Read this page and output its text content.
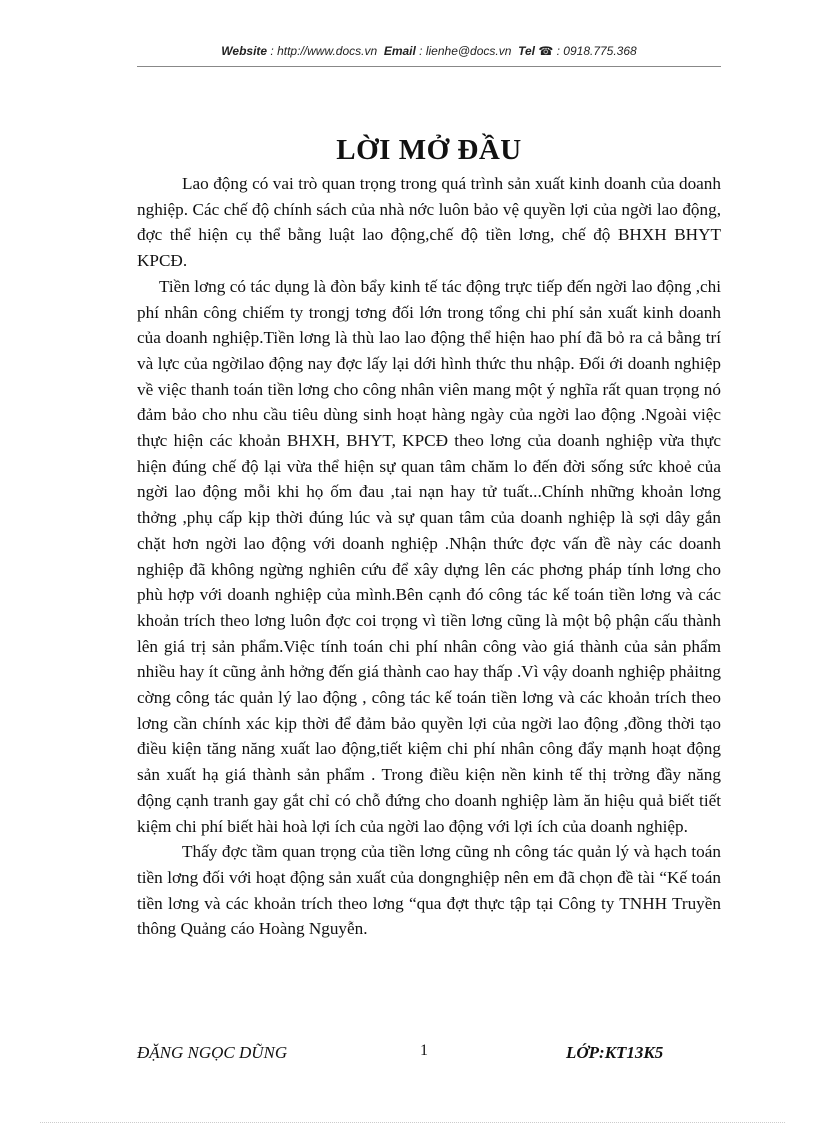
Website : http://www.docs.vn Email : lienhe@docs.vn Tel ☎ : 0918.775.368
LỜI MỞ ĐẦU

Lao động có vai trò quan trọng trong quá trình sản xuất kinh doanh của doanh nghiệp. Các chế độ chính sách của nhà nớc luôn bảo vệ quyền lợi của ngời lao động, đợc thể hiện cụ thể bằng luật lao động,chế độ tiền lơng, chế độ BHXH BHYT KPCĐ.

Tiền lơng có tác dụng là đòn bẩy kinh tế tác động trực tiếp đến ngời lao động ,chi phí nhân công chiếm ty trongj tơng đối lớn trong tổng chi phí sản xuất kinh doanh của doanh nghiệp.Tiền lơng là thù lao lao động thể hiện hao phí đã bỏ ra cả bằng trí và lực của ngờilao động nay đợc lấy lại dới hình thức thu nhập. Đối ới doanh nghiệp về việc thanh toán tiền lơng cho công nhân viên mang một ý nghĩa rất quan trọng nó đảm bảo cho nhu cầu tiêu dùng sinh hoạt hàng ngày của ngời lao động .Ngoài việc thực hiện các khoản BHXH, BHYT, KPCĐ theo lơng của doanh nghiệp vừa thực hiện đúng chế độ lại vừa thể hiện sự quan tâm chăm lo đến đời sống sức khoẻ của ngời lao động mỗi khi họ ốm đau ,tai nạn hay tử tuất...Chính những khoản lơng thởng ,phụ cấp kịp thời đúng lúc và sự quan tâm của doanh nghiệp là sợi dây gắn chặt hơn ngời lao động với doanh nghiệp .Nhận thức đợc vấn đề này các doanh nghiệp đã không ngừng nghiên cứu để xây dựng lên các phơng pháp tính lơng cho phù hợp với doanh nghiệp của mình.Bên cạnh đó công tác kế toán tiền lơng và các khoản trích theo lơng luôn đợc coi trọng vì tiền lơng cũng là một bộ phận cấu thành lên giá trị sản phẩm.Việc tính toán chi phí nhân công vào giá thành của sản phẩm nhiều hay ít cũng ảnh hởng đến giá thành cao hay thấp .Vì vậy doanh nghiệp phảitng cờng công tác quản lý lao động , công tác kế toán tiền lơng và các khoản trích theo lơng cần chính xác kịp thời để đảm bảo quyền lợi của ngời lao động ,đồng thời tạo điều kiện tăng năng xuất lao động,tiết kiệm chi phí nhân công đẩy mạnh hoạt động sản xuất hạ giá thành sản phẩm . Trong điều kiện nền kinh tế thị trờng đầy năng động cạnh tranh gay gắt chỉ có chỗ đứng cho doanh nghiệp làm ăn hiệu quả biết tiết kiệm chi phí biết hài hoà lợi ích của ngời lao động với lợi ích của doanh nghiệp.

Thấy đợc tầm quan trọng của tiền lơng cũng nh công tác quản lý và hạch toán tiền lơng đối với hoạt động sản xuất của dongnghiệp nên em đã chọn đề tài “Kế toán tiền lơng và các khoản trích theo lơng “qua đợt thực tập tại Công ty TNHH Truyền thông Quảng cáo Hoàng Nguyễn.

ĐẶNG NGỌC DŨNG	1	LỚP:KT13K5
